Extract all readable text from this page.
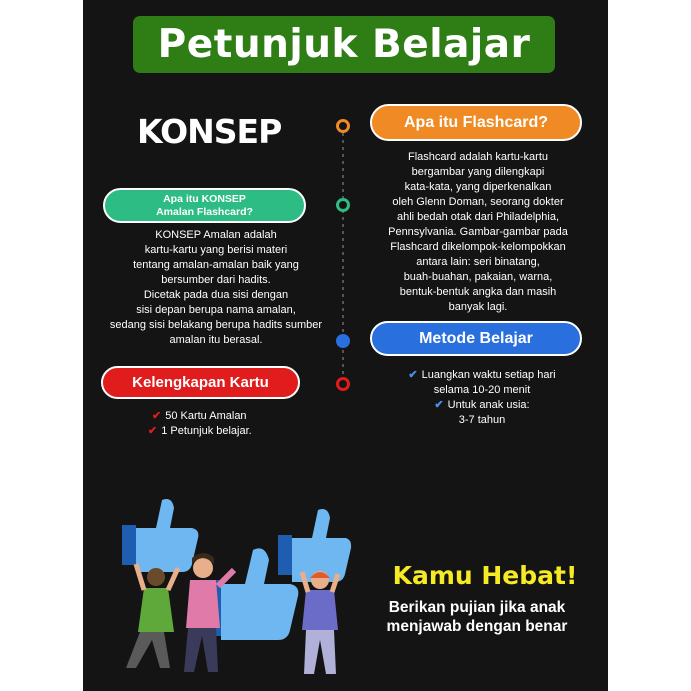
Petunjuk Belajar
KONSEP	Apa itu Flashcard?
Flashcard adalah kartu-kartu
bergambar yang dilengkapi
kata-kata, yang diperkenalkan
oleh Glenn Doman, seorang dokter
ahli bedah otak dari Philadelphia,
Pennsylvania. Gambar-gambar pada
Flashcard dikelompok-kelompokkan
antara lain: seri binatang,
buah-buahan, pakaian, warna,
bentuk-bentuk angka dan masih
banyak lagi.
Apa itu KONSEP
Amalan Flashcard?
KONSEP Amalan adalah
kartu-kartu yang berisi materi
tentang amalan-amalan baik yang
bersumber dari hadits.
Dicetak pada dua sisi dengan
sisi depan berupa nama amalan,
sedang sisi belakang berupa hadits sumber
amalan itu berasal.	Metode Belajar
✔ Luangkan waktu setiap hari
selama 10-20 menit
✔ Untuk anak usia:
3-7 tahun
Kelengkapan Kartu
✔ 50 Kartu Amalan
✔ 1 Petunjuk belajar.
Kamu Hebat!
Berikan pujian jika anak
menjawab dengan benar
